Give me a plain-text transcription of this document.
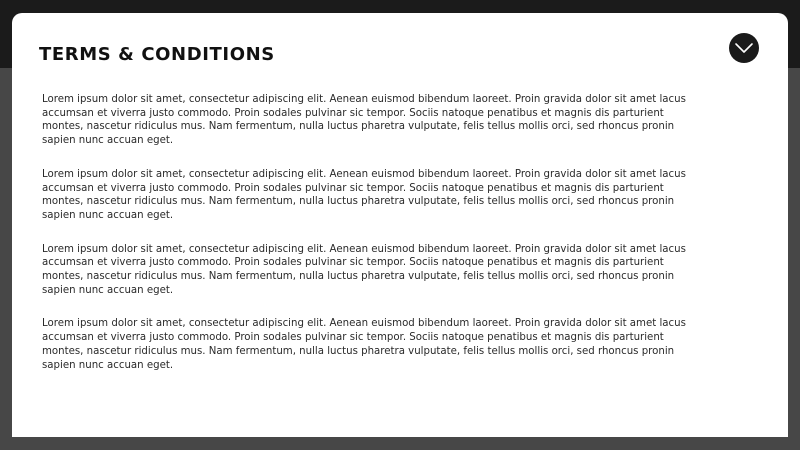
TERMS & CONDITIONS

Lorem ipsum dolor sit amet, consectetur adipiscing elit. Aenean euismod bibendum laoreet. Proin gravida dolor sit amet lacus accumsan et viverra justo commodo. Proin sodales pulvinar sic tempor. Sociis natoque penatibus et magnis dis parturient montes, nascetur ridiculus mus. Nam fermentum, nulla luctus pharetra vulputate, felis tellus mollis orci, sed rhoncus pronin sapien nunc accuan eget.

Lorem ipsum dolor sit amet, consectetur adipiscing elit. Aenean euismod bibendum laoreet. Proin gravida dolor sit amet lacus accumsan et viverra justo commodo. Proin sodales pulvinar sic tempor. Sociis natoque penatibus et magnis dis parturient montes, nascetur ridiculus mus. Nam fermentum, nulla luctus pharetra vulputate, felis tellus mollis orci, sed rhoncus pronin sapien nunc accuan eget.

Lorem ipsum dolor sit amet, consectetur adipiscing elit. Aenean euismod bibendum laoreet. Proin gravida dolor sit amet lacus accumsan et viverra justo commodo. Proin sodales pulvinar sic tempor. Sociis natoque penatibus et magnis dis parturient montes, nascetur ridiculus mus. Nam fermentum, nulla luctus pharetra vulputate, felis tellus mollis orci, sed rhoncus pronin sapien nunc accuan eget.

Lorem ipsum dolor sit amet, consectetur adipiscing elit. Aenean euismod bibendum laoreet. Proin gravida dolor sit amet lacus accumsan et viverra justo commodo. Proin sodales pulvinar sic tempor. Sociis natoque penatibus et magnis dis parturient montes, nascetur ridiculus mus. Nam fermentum, nulla luctus pharetra vulputate, felis tellus mollis orci, sed rhoncus pronin sapien nunc accuan eget.
